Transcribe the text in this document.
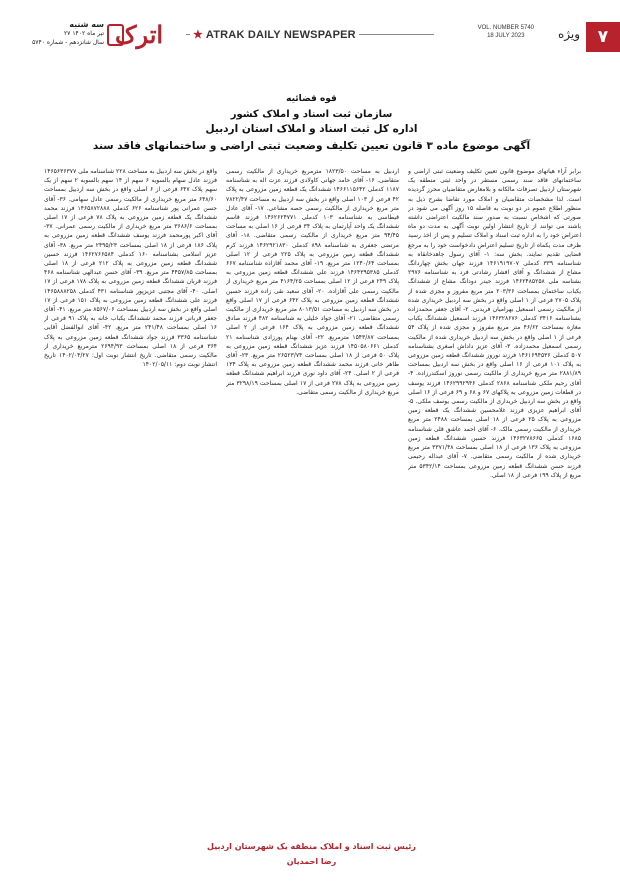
۷
ویژه
VOL. NUMBER 5740
18 JULY 2023
★ ATRAK DAILY NEWSPAPER
اترک
سه شنبه
۲۷ تیر ماه ۱۴۰۲
سال شانزدهم - شماره ۵۷۴۰
قوه قضائیه
سازمان ثبت اسناد و املاک کشور
اداره کل ثبت اسناد و املاک استان اردبیل
آگهی موضوع ماده ۳ قانون تعیین تکلیف وضعیت ثبتی اراضی و ساختمانهای فاقد سند
برابر آراء هیاتهای موضوع قانون تعیین تکلیف وضعیت ثبتی اراضی و ساختمانهای فاقد سند رسمی مستقر در واحد ثبتی منطقه یک شهرستان اردبیل تصرفات مالکانه و بلامعارض متقاضیان محرز گردیده است. لذا مشخصات متقاضیان و املاک مورد تقاضا بشرح ذیل به منظور اطلاع عموم در دو نوبت به فاصله ۱۵ روز آگهی می شود در صورتی که اشخاص نسبت به صدور سند مالکیت اعتراضی داشته باشند می توانند از تاریخ انتشار اولین نوبت آگهی به مدت دو ماه اعتراض خود را به اداره ثبت اسناد و املاک تسلیم و پس از اخذ رسید ظرف مدت یکماه از تاریخ تسلیم اعتراض دادخواست خود را به مرجع قضایی تقدیم نمایند. بخش سه: ۱- آقای رسول جاهدخانقاه به شناسنامه ۳۳۹ کدملی ۱۴۶۱۹۱۹۷۰۷ فرزند جهان بخش چهاردانگ مشاع از ششدانگ و آقای افشار رشادتی فرد به شناسنامه ۲۹۷۶ بشناسه ملی ۱۴۶۲۴۸۵۲۵۸ فرزند حیدر دودانگ مشاع از ششدانگ یکباب ساختمان بمساحت ۲۰۳/۳۶ متر مربع مفروز و مجزی شده از پلاک ۲۷۰۵ فرعی از ۱ اصلی واقع در بخش سه اردبیل خریداری شده از مالکیت رسمی اسمعیل بهرامیان فریدنی. ۲- آقای جعفر محمدزاده بشناسنامه ۳۴۱۶ کدملی ۱۴۶۳۲۸۶۷۶ فرزند اسمعیل ششدانگ یکباب مغازه بمساحت ۴۶/۶۲ متر مربع مفروز و مجزی شده از پلاک ۵۴ فرعی از ۱ اصلی واقع در بخش سه اردبیل خریداری شده از مالکیت رسمی اسمعیل محمدزاده. ۳- آقای عزیز داداش اصغری بشناسنامه ۵۰۷ کدملی ۱۴۶۱۶۹۴۵۳۶ فرزند نوروز ششدانگ قطعه زمین مزروعی به پلاک ۱۰۱ فرعی از ۱۶ اصلی واقع در بخش سه اردبیل بمساحت ۲۸۸۱/۸۹ متر مربع خریداری از مالکیت رسمی نوروز اسکندرزاده. ۴- آقای رحیم ملکی شناسنامه ۲۸۶۸ کدملی ۱۴۶۲۹۹۲۹۴۶ فرزند یوسف در قطعات زمین مزروعی به پلاکهای ۶۷ و ۶۸ و ۶۹ فرعی از ۱۶ اصلی واقع در بخش سه اردبیل خریداری از مالکیت رسمی یوسف ملکی. ۵- آقای ابراهیم عزیزی فرزند غلامحسین ششدانگ یک قطعه زمین مزروعی به پلاک ۲۵ فرعی از ۱۸ اصلی بمساحت ۲۴۸۸ متر مربع خریداری از مالکیت رسمی مالک. ۶- آقای احمد عاشق قلی شناسنامه ۱۶۸۵ کدملی ۱۴۶۳۲۷۸۶۶۵ فرزند حسین ششدانگ قطعه زمین مزروعی به پلاک ۱۳۶ فرعی از ۱۸ اصلی بمساحت ۳۳۷۱/۴۸ متر مربع خریداری شده از مالکیت رسمی متقاضی. ۷- آقای عبداله رحیمی فرزند حسن ششدانگ قطعه زمین مزروعی بمساحت ۵۳۴۲/۱۴ متر مربع از پلاک ۱۹۹ فرعی از ۱۸ اصلی.
اردبیل به مساحت ۱۸۲۳/۵۰ مترمربع خریداری از مالکیت رسمی متقاضی. ۱۶- آقای حامد جهانی کاولادی فرزند عزت اله به شناسنامه ۱۱۸۷ کدملی ۱۴۶۶۱۱۵۶۴۲ ششدانگ یک قطعه زمین مزروعی به پلاک ۴۲ فرعی از ۱۰۳ اصلی واقع در بخش سه اردبیل به مساحت ۷۸۲۲/۴۷ متر مربع خریداری از مالکیت رسمی حصه مشاعی. ۱۷- آقای عادل قیطاسی به شناسنامه ۱۰۳ کدملی ۱۴۶۲۶۲۴۷۷۱ فرزند قاسم ششدانگ یک واحد آپارتمان به پلاک ۳۴ فرعی از ۱۶ اصلی به مساحت ۹۴/۴۵ متر مربع خریداری از مالکیت رسمی متقاضی. ۱۸- آقای مرتضی جعفری به شناسنامه ۸۹۸ کدملی ۱۴۶۲۹۲۱۸۳۰ فرزند کرم ششدانگ قطعه زمین مزروعی به پلاک ۲۲۵ فرعی از ۱۲ اصلی بمساحت ۱۲۴۰/۶۴ متر مربع. ۱۹- آقای محمد آقازاده شناسنامه ۶۶۷ کدملی ۱۴۶۴۳۹۵۳۸۵ فرزند علی ششدانگ قطعه زمین مزروعی به پلاک ۲۴۹ فرعی از ۱۲ اصلی بمساحت ۴۱۶۴/۲۵ متر مربع خریداری از مالکیت رسمی علی آقازاده. ۲۰- آقای سعید نقی زاده فرزند حسین ششدانگ قطعه زمین مزروعی به پلاک ۶۴۲ فرعی از ۱۷ اصلی واقع در بخش سه اردبیل به مساحت ۸۰۱۳/۵۱ متر مربع خریداری از مالکیت رسمی متقاضی. ۲۱- آقای جواد خلیلی به شناسنامه ۴۸۲ فرزند صادق ششدانگ قطعه زمین مزروعی به پلاک ۱۶۴ فرعی از ۲ اصلی بمساحت ۱۵۴۳/۸۷ مترمربع. ۲۲- آقای بهنام پورزادی شناسنامه ۲۱ کدملی ۱۴۵۰۵۸۰۶۶۱ فرزند عزیز ششدانگ قطعه زمین مزروعی به پلاک ۵۰ فرعی از ۱۸ اصلی بمساحت ۲۶۵۲۳/۷۴ متر مربع. ۲۳- آقای طاهر خانی فرزند محمد ششدانگ قطعه زمین مزروعی به پلاک ۱۳۴ فرعی از ۲ اصلی. ۲۴- آقای داود نوری فرزند ابراهیم ششدانگ قطعه زمین مزروعی به پلاک ۲۷۸ فرعی از ۱۷ اصلی بمساحت ۳۲۹۸/۱۹ متر مربع خریداری از مالکیت رسمی متقاضی.
واقع در بخش سه اردبیل به مساحت ۲۲۸ شناسنامه ملی ۱۴۶۵۶۳۶۳۷۷ فرزند عادل سهام بالسویه ۶ سهم از ۱۴ سهم بالسویه ۲ سهم از یک سهم پلاک ۶۴۷ فرعی از ۶ اصلی واقع در بخش سه اردبیل بمساحت ۶۴۸/۶۰ متر مربع خریداری از مالکیت رسمی عادل سهامی. ۳۶- آقای حسن عمرانی پور شناسنامه ۶۲۶ کدملی ۱۴۶۵۸۷۲۸۸۸ فرزند محمد ششدانگ یک قطعه زمین مزروعی به پلاک ۷۸ فرعی از ۱۷ اصلی بمساحت ۳۶۸۶/۶ متر مربع خریداری از مالکیت رسمی عمرانی. ۳۷- آقای اکبر پورمحمد فرزند یوسف ششدانگ قطعه زمین مزروعی به پلاک ۱۸۶ فرعی از ۱۸ اصلی بمساحت ۲۴۹۵/۲۳ متر مربع. ۳۸- آقای عزیز اسلامی بشناسنامه ۱۶۰ کدملی ۱۴۶۲۷۶۶۵۸۴ فرزند حسین ششدانگ قطعه زمین مزروعی به پلاک ۲۱۲ فرعی از ۱۸ اصلی بمساحت ۴۴۵۷/۸۵ متر مربع. ۳۹- آقای حسن عبدالهی شناسنامه ۴۶۸ فرزند قربان ششدانگ قطعه زمین مزروعی به پلاک ۱۷۸ فرعی از ۱۷ اصلی. ۴۰- آقای مجتبی عزیزپور شناسنامه ۴۳۱ کدملی ۱۴۶۵۸۸۸۲۵۸ فرزند علی ششدانگ قطعه زمین مزروعی به پلاک ۱۵۱ فرعی از ۱۷ اصلی واقع در بخش سه اردبیل بمساحت ۸۵۶۷/۰۶ متر مربع. ۴۱- آقای جعفر قربانی فرزند محمد ششدانگ یکباب خانه به پلاک ۹۱ فرعی از ۱۶ اصلی بمساحت ۲۴۱/۴۸ متر مربع. ۴۲- آقای ابوالفضل آقایی شناسنامه ۳۳۶۵ فرزند جواد ششدانگ قطعه زمین مزروعی به پلاک ۳۶۴ فرعی از ۱۸ اصلی بمساحت ۲۶۹۴/۹۳ مترمربع خریداری از مالکیت رسمی متقاضی. تاریخ انتشار نوبت اول: ۱۴۰۲/۰۴/۲۷ تاریخ انتشار نوبت دوم: ۱۴۰۲/۰۵/۱۱
رئیس ثبت اسناد و املاک منطقه یک شهرستان اردبیل
رضا احمدیان
